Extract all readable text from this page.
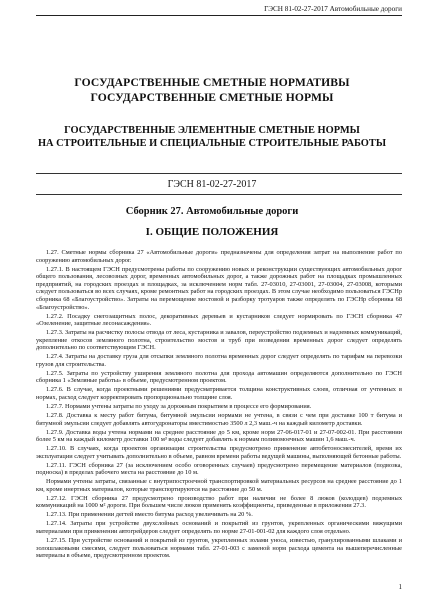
ГЭСН 81-02-27-2017 Автомобильные дороги
ГОСУДАРСТВЕННЫЕ СМЕТНЫЕ НОРМАТИВЫ
ГОСУДАРСТВЕННЫЕ СМЕТНЫЕ НОРМЫ
ГОСУДАРСТВЕННЫЕ ЭЛЕМЕНТНЫЕ СМЕТНЫЕ НОРМЫ
НА СТРОИТЕЛЬНЫЕ И СПЕЦИАЛЬНЫЕ СТРОИТЕЛЬНЫЕ РАБОТЫ
ГЭСН 81-02-27-2017
Сборник 27. Автомобильные дороги
I. ОБЩИЕ ПОЛОЖЕНИЯ

1.27. Сметные нормы сборника 27 «Автомобильные дороги» предназначены для определения затрат на выполнение работ по сооружению автомобильных дорог.

1.27.1. В настоящем ГЭСН предусмотрены работы по сооружению новых и реконструкции существующих автомобильных дорог общего пользования, лесовозных дорог, временных автомобильных дорог, а также дорожных работ на площадках промышленных предприятий, на городских проездах и площадках, за исключением норм табл. 27-03010, 27-03001, 27-03004, 27-03008, которыми следует пользоваться во всех случаях, кроме ремонтных работ на городских проездах. В этом случае необходимо пользоваться ГЭСНр сборника 68 «Благоустройство». Затраты на перемощение мостовой и разборку тротуаров также определять по ГЭСНр сборника 68 «Благоустройство».

1.27.2. Посадку снегозащитных полос, декоративных деревьев и кустарников следует нормировать по ГЭСН сборника 47 «Озеленение, защитные лесонасаждения».

1.27.3. Затраты на расчистку полосы отвода от леса, кустарника и завалов, переустройство подземных и надземных коммуникаций, укрепление откосов земляного полотна, строительство мостов и труб при возведении временных дорог следует определять дополнительно по соответствующим ГЭСН.

1.27.4. Затраты на доставку груза для отсыпки земляного полотна временных дорог следует определять по тарифам на перевозки грузов для строительства.

1.27.5. Затраты по устройству уширения земляного полотна для прохода автомашин определяются дополнительно по ГЭСН сборника 1 «Земляные работы» в объеме, предусмотренном проектом.

1.27.6. В случае, когда проектными решениями предусматривается толщина конструктивных слоев, отличная от учтенных в нормах, расход следует корректировать пропорционально толщине слоя.

1.27.7. Нормами учтены затраты по уходу за дорожным покрытием в процессе его формирования.

1.27.8. Доставка к месту работ битума, битумной эмульсии нормами не учтена, в связи с чем при доставке 100 т битума и битумной эмульсии следует добавлять автогудронаторы вместимостью 3500 л 2,3 маш.-ч на каждый километр доставки.

1.27.9. Доставка воды учтена нормами на среднее расстояние до 5 км, кроме норм 27-06-017-01 и 27-07-002-01. При расстоянии более 5 км на каждый километр доставки 100 м³ воды следует добавлять к нормам поливомоечных машин 1,6 маш.-ч.

1.27.10. В случаях, когда проектом организации строительства предусмотрено применение автобетоносмесителей, время их эксплуатации следует учитывать дополнительно в объеме, равном времени работы ведущей машины, выполняющей бетонные работы.

1.27.11. ГЭСН сборника 27 (за исключением особо оговоренных случаев) предусмотрено перемещение материалов (подвозка, подноска) в пределах рабочего места на расстояние до 10 м.

Нормами учтены затраты, связанные с внутрипостроечной транспортировкой материальных ресурсов на среднее расстояние до 1 км, кроме инертных материалов, которые транспортируются на расстояние до 50 м.

1.27.12. ГЭСН сборника 27 предусмотрено производство работ при наличии не более 8 люков (колодцев) подземных коммуникаций на 1000 м² дороги. При большем числе люков применять коэффициенты, приведенные в приложении 27.3.

1.27.13. При применении дегтей вместо битума расход увеличивать на 20 %.

1.27.14. Затраты при устройстве двухслойных оснований и покрытий из грунтов, укрепленных органическими вяжущими материалами при применении автогрейдеров следует определять по норме 27-01-001-02 для каждого слоя отдельно.

1.27.15. При устройстве оснований и покрытий из грунтов, укрепленных золами уноса, известью, гранулированными шлаками и золошлаковыми смесями, следует пользоваться нормами табл. 27-01-003 с заменой норм расхода цемента на вышеперечисленные материалы в объеме, предусмотренном проектом.

1
